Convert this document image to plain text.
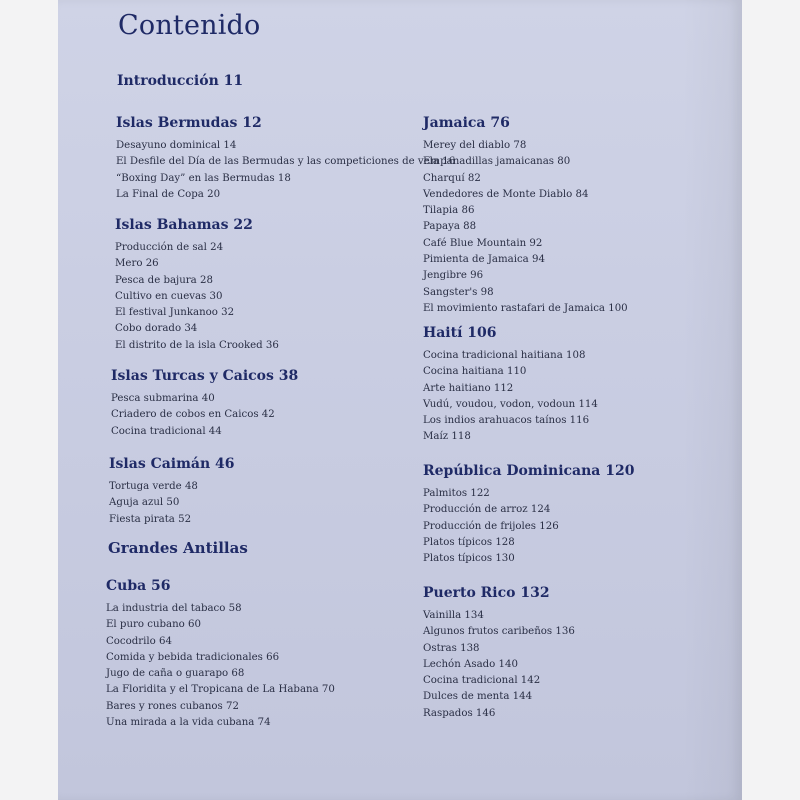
Contenido
Introducción 11
Islas Bermudas 12
Desayuno dominical 14
El Desfile del Día de las Bermudas y las competiciones de vela 16
“Boxing Day” en las Bermudas 18
La Final de Copa 20
Islas Bahamas 22
Producción de sal 24
Mero 26
Pesca de bajura 28
Cultivo en cuevas 30
El festival Junkanoo 32
Cobo dorado 34
El distrito de la isla Crooked 36
Islas Turcas y Caicos 38
Pesca submarina 40
Criadero de cobos en Caicos 42
Cocina tradicional 44
Islas Caimán 46
Tortuga verde 48
Aguja azul 50
Fiesta pirata 52
Grandes Antillas
Cuba 56
La industria del tabaco 58
El puro cubano 60
Cocodrilo 64
Comida y bebida tradicionales 66
Jugo de caña o guarapo 68
La Floridita y el Tropicana de La Habana 70
Bares y rones cubanos 72
Una mirada a la vida cubana 74
Jamaica 76
Merey del diablo 78
Empanadillas jamaicanas 80
Charquí 82
Vendedores de Monte Diablo 84
Tilapia 86
Papaya 88
Café Blue Mountain 92
Pimienta de Jamaica 94
Jengibre 96
Sangster's 98
El movimiento rastafari de Jamaica 100
Haití 106
Cocina tradicional haitiana 108
Cocina haitiana 110
Arte haitiano 112
Vudú, voudou, vodon, vodoun 114
Los indios arahuacos taínos 116
Maíz 118
República Dominicana 120
Palmitos 122
Producción de arroz 124
Producción de frijoles 126
Platos típicos 128
Platos típicos 130
Puerto Rico 132
Vainilla 134
Algunos frutos caribeños 136
Ostras 138
Lechón Asado 140
Cocina tradicional 142
Dulces de menta 144
Raspados 146
